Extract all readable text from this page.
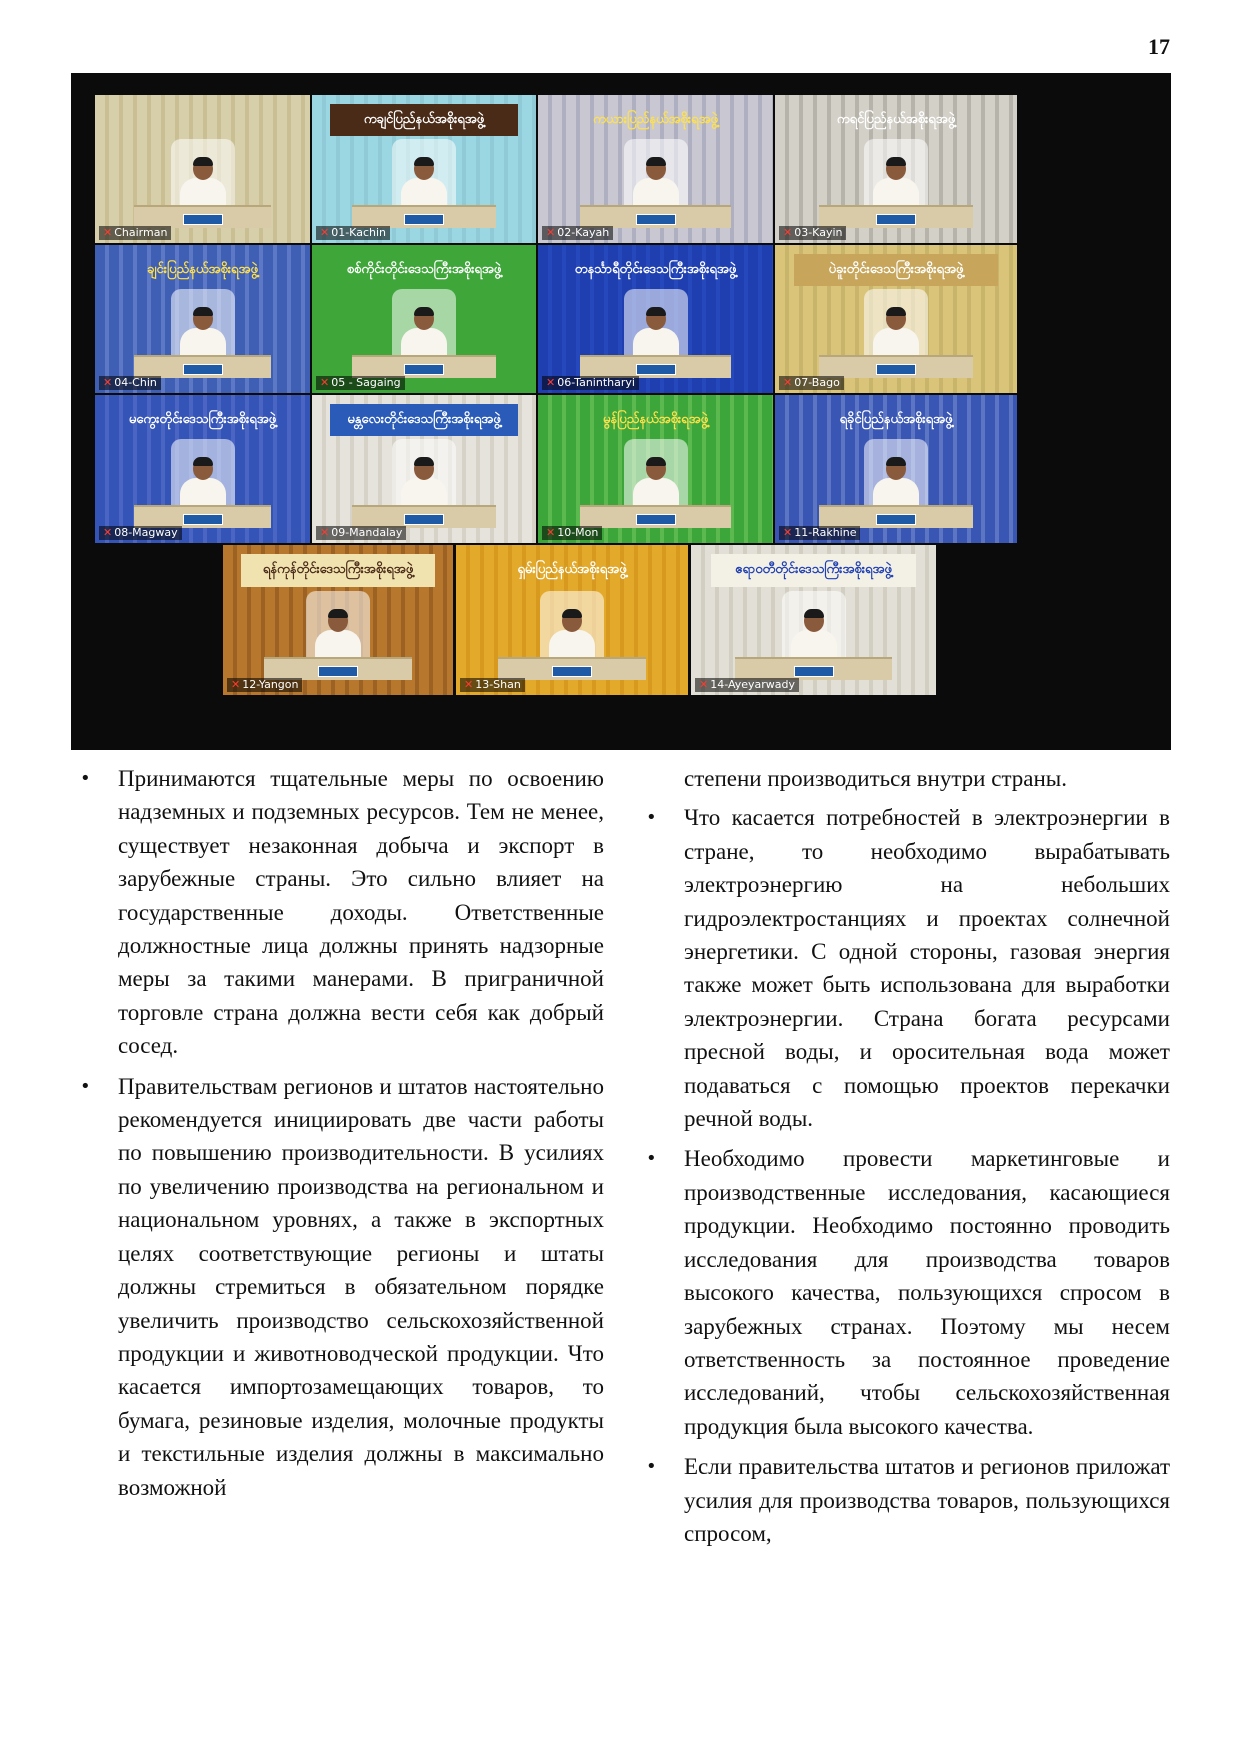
17
✕ Chairman
ကချင်ပြည်နယ်အစိုးရအဖွဲ့
✕ 01-Kachin
ကယားပြည်နယ်အစိုးရအဖွဲ့
✕ 02-Kayah
ကရင်ပြည်နယ်အစိုးရအဖွဲ့
✕ 03-Kayin
ချင်းပြည်နယ်အစိုးရအဖွဲ့
✕ 04-Chin
စစ်ကိုင်းတိုင်းဒေသကြီးအစိုးရအဖွဲ့
✕ 05 - Sagaing
တနင်္သာရီတိုင်းဒေသကြီးအစိုးရအဖွဲ့
✕ 06-Tanintharyi
ပဲခူးတိုင်းဒေသကြီးအစိုးရအဖွဲ့
✕ 07-Bago
မကွေးတိုင်းဒေသကြီးအစိုးရအဖွဲ့
✕ 08-Magway
မန္တလေးတိုင်းဒေသကြီးအစိုးရအဖွဲ့
✕ 09-Mandalay
မွန်ပြည်နယ်အစိုးရအဖွဲ့
✕ 10-Mon
ရခိုင်ပြည်နယ်အစိုးရအဖွဲ့
✕ 11-Rakhine
ရန်ကုန်တိုင်းဒေသကြီးအစိုးရအဖွဲ့
✕ 12-Yangon
ရှမ်းပြည်နယ်အစိုးရအဖွဲ့
✕ 13-Shan
ဧရာဝတီတိုင်းဒေသကြီးအစိုးရအဖွဲ့
✕ 14-Ayeyarwady
• Принимаются тщательные меры по освоению надземных и подземных ресурсов. Тем не менее, существует незаконная добыча и экспорт в зарубежные страны. Это сильно влияет на государственные доходы. Ответственные должностные лица должны принять надзорные меры за такими манерами. В приграничной торговле страна должна вести себя как добрый сосед.
• Правительствам регионов и штатов настоятельно рекомендуется инициировать две части работы по повышению производительности. В усилиях по увеличению производства на региональном и национальном уровнях, а также в экспортных целях соответствующие регионы и штаты должны стремиться в обязательном порядке увеличить производство сельскохозяйственной продукции и животноводческой продукции. Что касается импортозамещающих товаров, то бумага, резиновые изделия, молочные продукты и текстильные изделия должны в максимально возможной
степени производиться внутри страны.
• Что касается потребностей в электроэнергии в стране, то необходимо вырабатывать электроэнергию на небольших гидроэлектростанциях и проектах солнечной энергетики. С одной стороны, газовая энергия также может быть использована для выработки электроэнергии. Страна богата ресурсами пресной воды, и оросительная вода может подаваться с помощью проектов перекачки речной воды.
• Необходимо провести маркетинговые и производственные исследования, касающиеся продукции. Необходимо постоянно проводить исследования для производства товаров высокого качества, пользующихся спросом в зарубежных странах. Поэтому мы несем ответственность за постоянное проведение исследований, чтобы сельскохозяйственная продукция была высокого качества.
• Если правительства штатов и регионов приложат усилия для производства товаров, пользующихся спросом,
